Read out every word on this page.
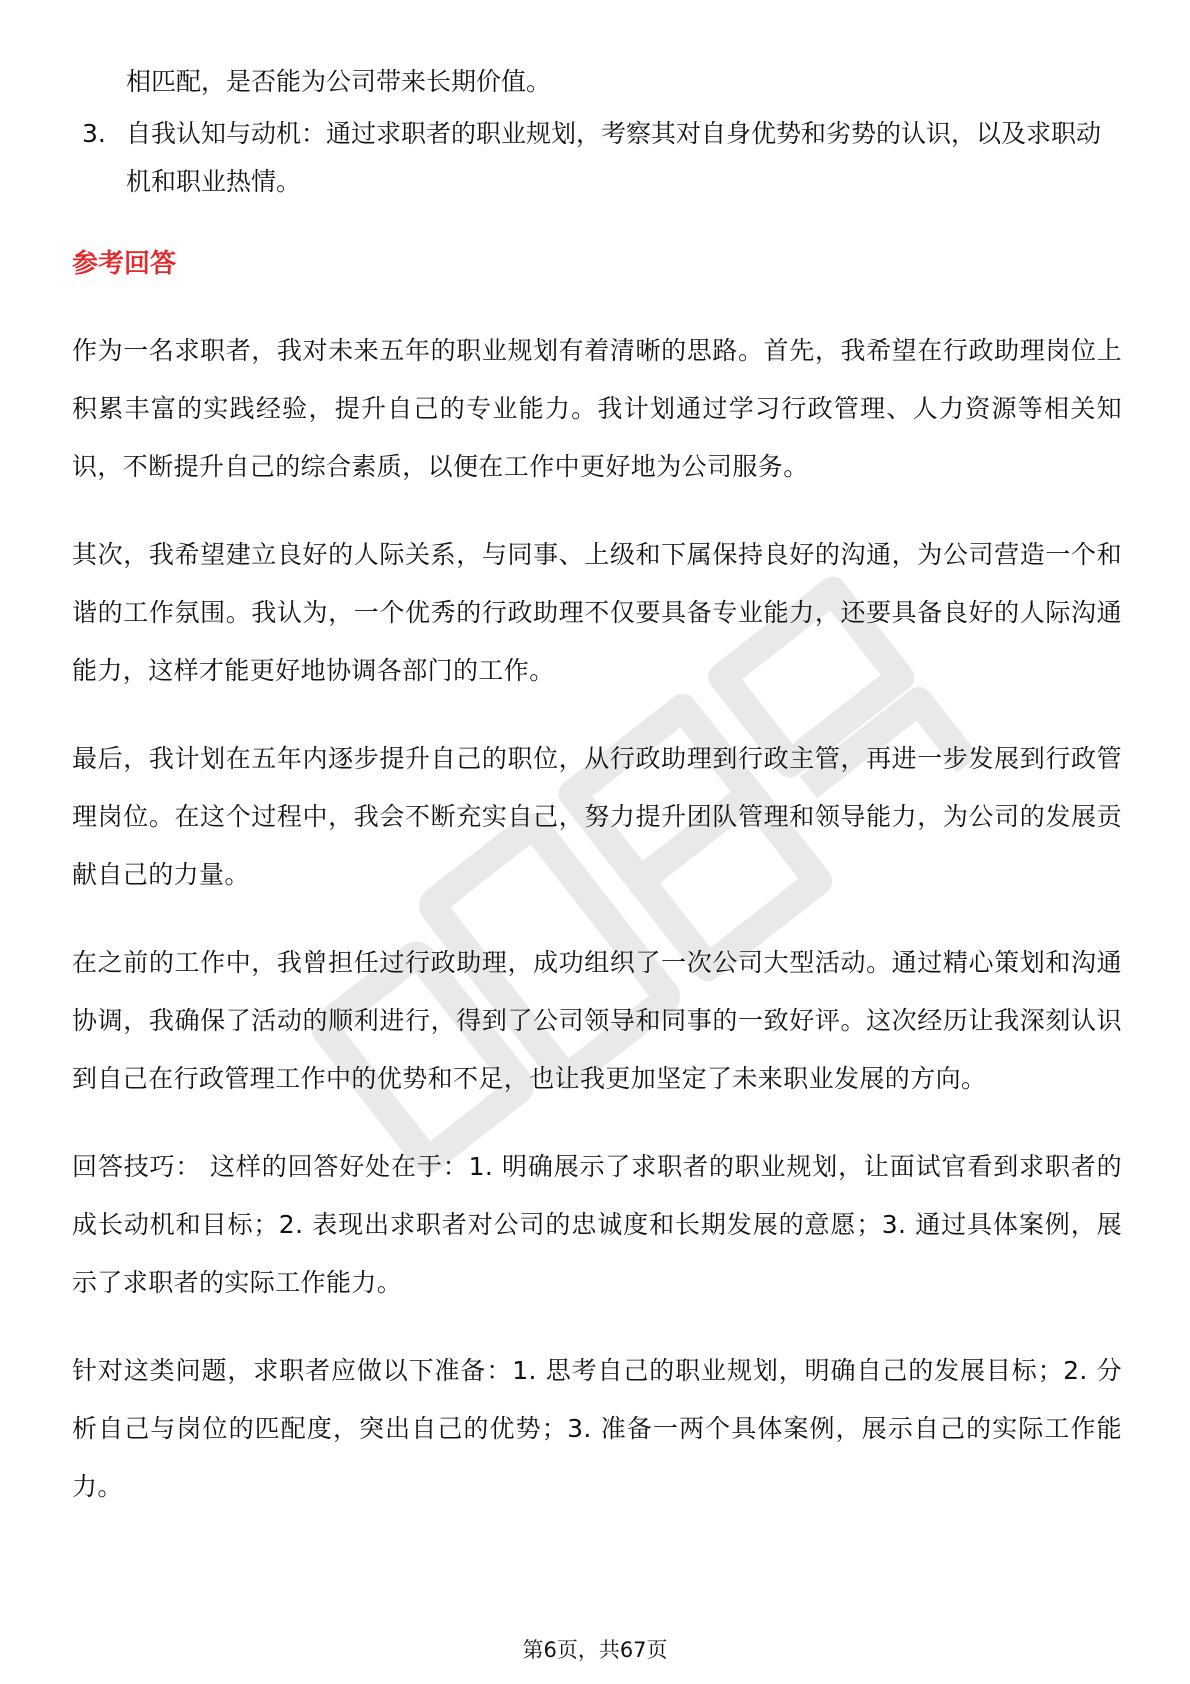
相匹配，是否能为公司带来长期价值。
3. 自我认知与动机：通过求职者的职业规划，考察其对自身优势和劣势的认识，以及求职动机和职业热情。
参考回答

作为一名求职者，我对未来五年的职业规划有着清晰的思路。首先，我希望在行政助理岗位上积累丰富的实践经验，提升自己的专业能力。我计划通过学习行政管理、人力资源等相关知识，不断提升自己的综合素质，以便在工作中更好地为公司服务。

其次，我希望建立良好的人际关系，与同事、上级和下属保持良好的沟通，为公司营造一个和谐的工作氛围。我认为，一个优秀的行政助理不仅要具备专业能力，还要具备良好的人际沟通能力，这样才能更好地协调各部门的工作。

最后，我计划在五年内逐步提升自己的职位，从行政助理到行政主管，再进一步发展到行政管理岗位。在这个过程中，我会不断充实自己，努力提升团队管理和领导能力，为公司的发展贡献自己的力量。

在之前的工作中，我曾担任过行政助理，成功组织了一次公司大型活动。通过精心策划和沟通协调，我确保了活动的顺利进行，得到了公司领导和同事的一致好评。这次经历让我深刻认识到自己在行政管理工作中的优势和不足，也让我更加坚定了未来职业发展的方向。

回答技巧： 这样的回答好处在于：1. 明确展示了求职者的职业规划，让面试官看到求职者的成长动机和目标；2. 表现出求职者对公司的忠诚度和长期发展的意愿；3. 通过具体案例，展示了求职者的实际工作能力。

针对这类问题，求职者应做以下准备：1. 思考自己的职业规划，明确自己的发展目标；2. 分析自己与岗位的匹配度，突出自己的优势；3. 准备一两个具体案例，展示自己的实际工作能力。

第6页，共67页
